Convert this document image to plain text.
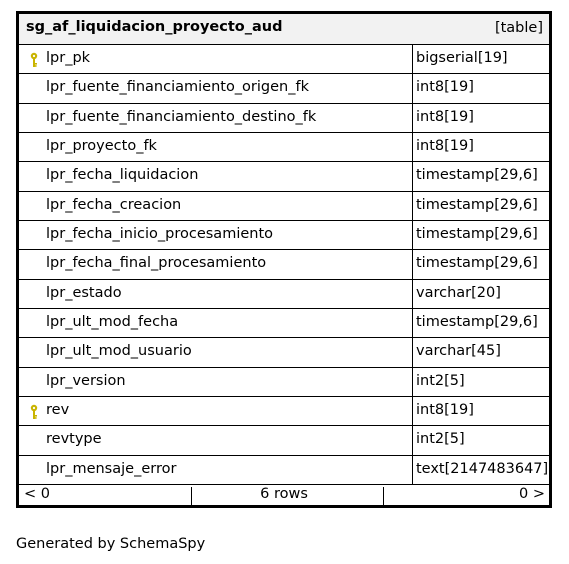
sg_af_liquidacion_proyecto_aud	[table]
lpr_pk	bigserial[19]
lpr_fuente_financiamiento_origen_fk	int8[19]
lpr_fuente_financiamiento_destino_fk	int8[19]
lpr_proyecto_fk	int8[19]
lpr_fecha_liquidacion	timestamp[29,6]
lpr_fecha_creacion	timestamp[29,6]
lpr_fecha_inicio_procesamiento	timestamp[29,6]
lpr_fecha_final_procesamiento	timestamp[29,6]
lpr_estado	varchar[20]
lpr_ult_mod_fecha	timestamp[29,6]
lpr_ult_mod_usuario	varchar[45]
lpr_version	int2[5]
rev	int8[19]
revtype	int2[5]
lpr_mensaje_error	text[2147483647]
< 0	6 rows	0 >
Generated by SchemaSpy
